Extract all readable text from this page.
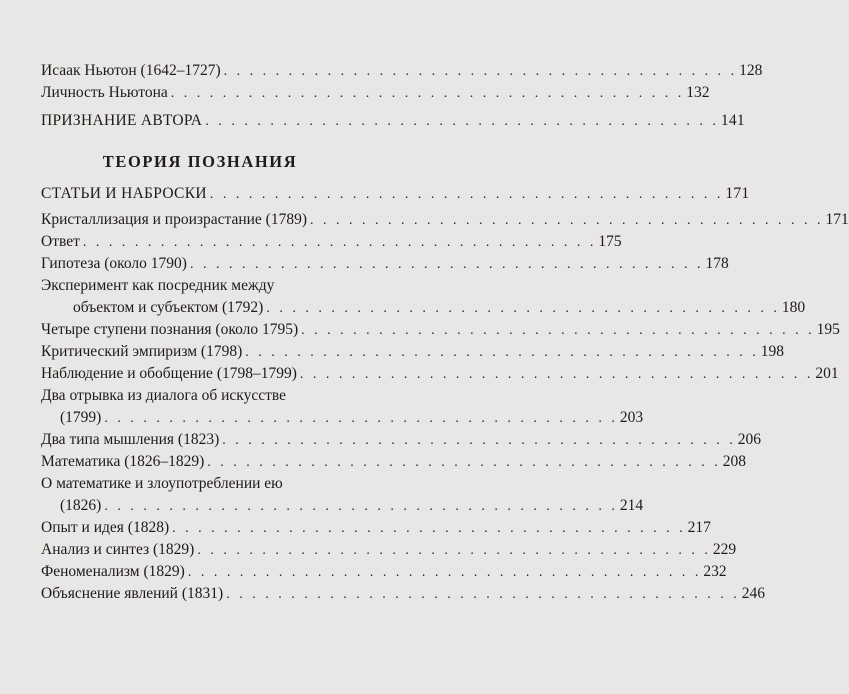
Исаак Ньютон (1642–1727) . . . . . . . . . . . . . . . . . . . . . . . . . . . . . . . . . . . . . . . . 128
Личность Ньютона . . . . . . . . . . . . . . . . . . . . . . . . . . . . . . . . . . . . . . . . 132
ПРИЗНАНИЕ АВТОРА . . . . . . . . . . . . . . . . . . . . . . . . . . . . . . . . . . . . . . . . 141
ТЕОРИЯ ПОЗНАНИЯ
СТАТЬИ И НАБРОСКИ . . . . . . . . . . . . . . . . . . . . . . . . . . . . . . . . . . . . . . . . 171
Кристаллизация и произрастание (1789) . . . . . . . . . . . . . . . . . . . . . . . . . . . . . . . . . . . . . . . . 171
Ответ . . . . . . . . . . . . . . . . . . . . . . . . . . . . . . . . . . . . . . . . 175
Гипотеза (около 1790) . . . . . . . . . . . . . . . . . . . . . . . . . . . . . . . . . . . . . . . . 178
Эксперимент как посредник между
объектом и субъектом (1792) . . . . . . . . . . . . . . . . . . . . . . . . . . . . . . . . . . . . . . . . 180
Четыре ступени познания (около 1795) . . . . . . . . . . . . . . . . . . . . . . . . . . . . . . . . . . . . . . . . 195
Критический эмпиризм (1798) . . . . . . . . . . . . . . . . . . . . . . . . . . . . . . . . . . . . . . . . 198
Наблюдение и обобщение (1798–1799) . . . . . . . . . . . . . . . . . . . . . . . . . . . . . . . . . . . . . . . . 201
Два отрывка из диалога об искусстве
(1799) . . . . . . . . . . . . . . . . . . . . . . . . . . . . . . . . . . . . . . . . 203
Два типа мышления (1823) . . . . . . . . . . . . . . . . . . . . . . . . . . . . . . . . . . . . . . . . 206
Математика (1826–1829) . . . . . . . . . . . . . . . . . . . . . . . . . . . . . . . . . . . . . . . . 208
О математике и злоупотреблении ею
(1826) . . . . . . . . . . . . . . . . . . . . . . . . . . . . . . . . . . . . . . . . 214
Опыт и идея (1828) . . . . . . . . . . . . . . . . . . . . . . . . . . . . . . . . . . . . . . . . 217
Анализ и синтез (1829) . . . . . . . . . . . . . . . . . . . . . . . . . . . . . . . . . . . . . . . . 229
Феноменализм (1829) . . . . . . . . . . . . . . . . . . . . . . . . . . . . . . . . . . . . . . . . 232
Объяснение явлений (1831) . . . . . . . . . . . . . . . . . . . . . . . . . . . . . . . . . . . . . . . . 246
